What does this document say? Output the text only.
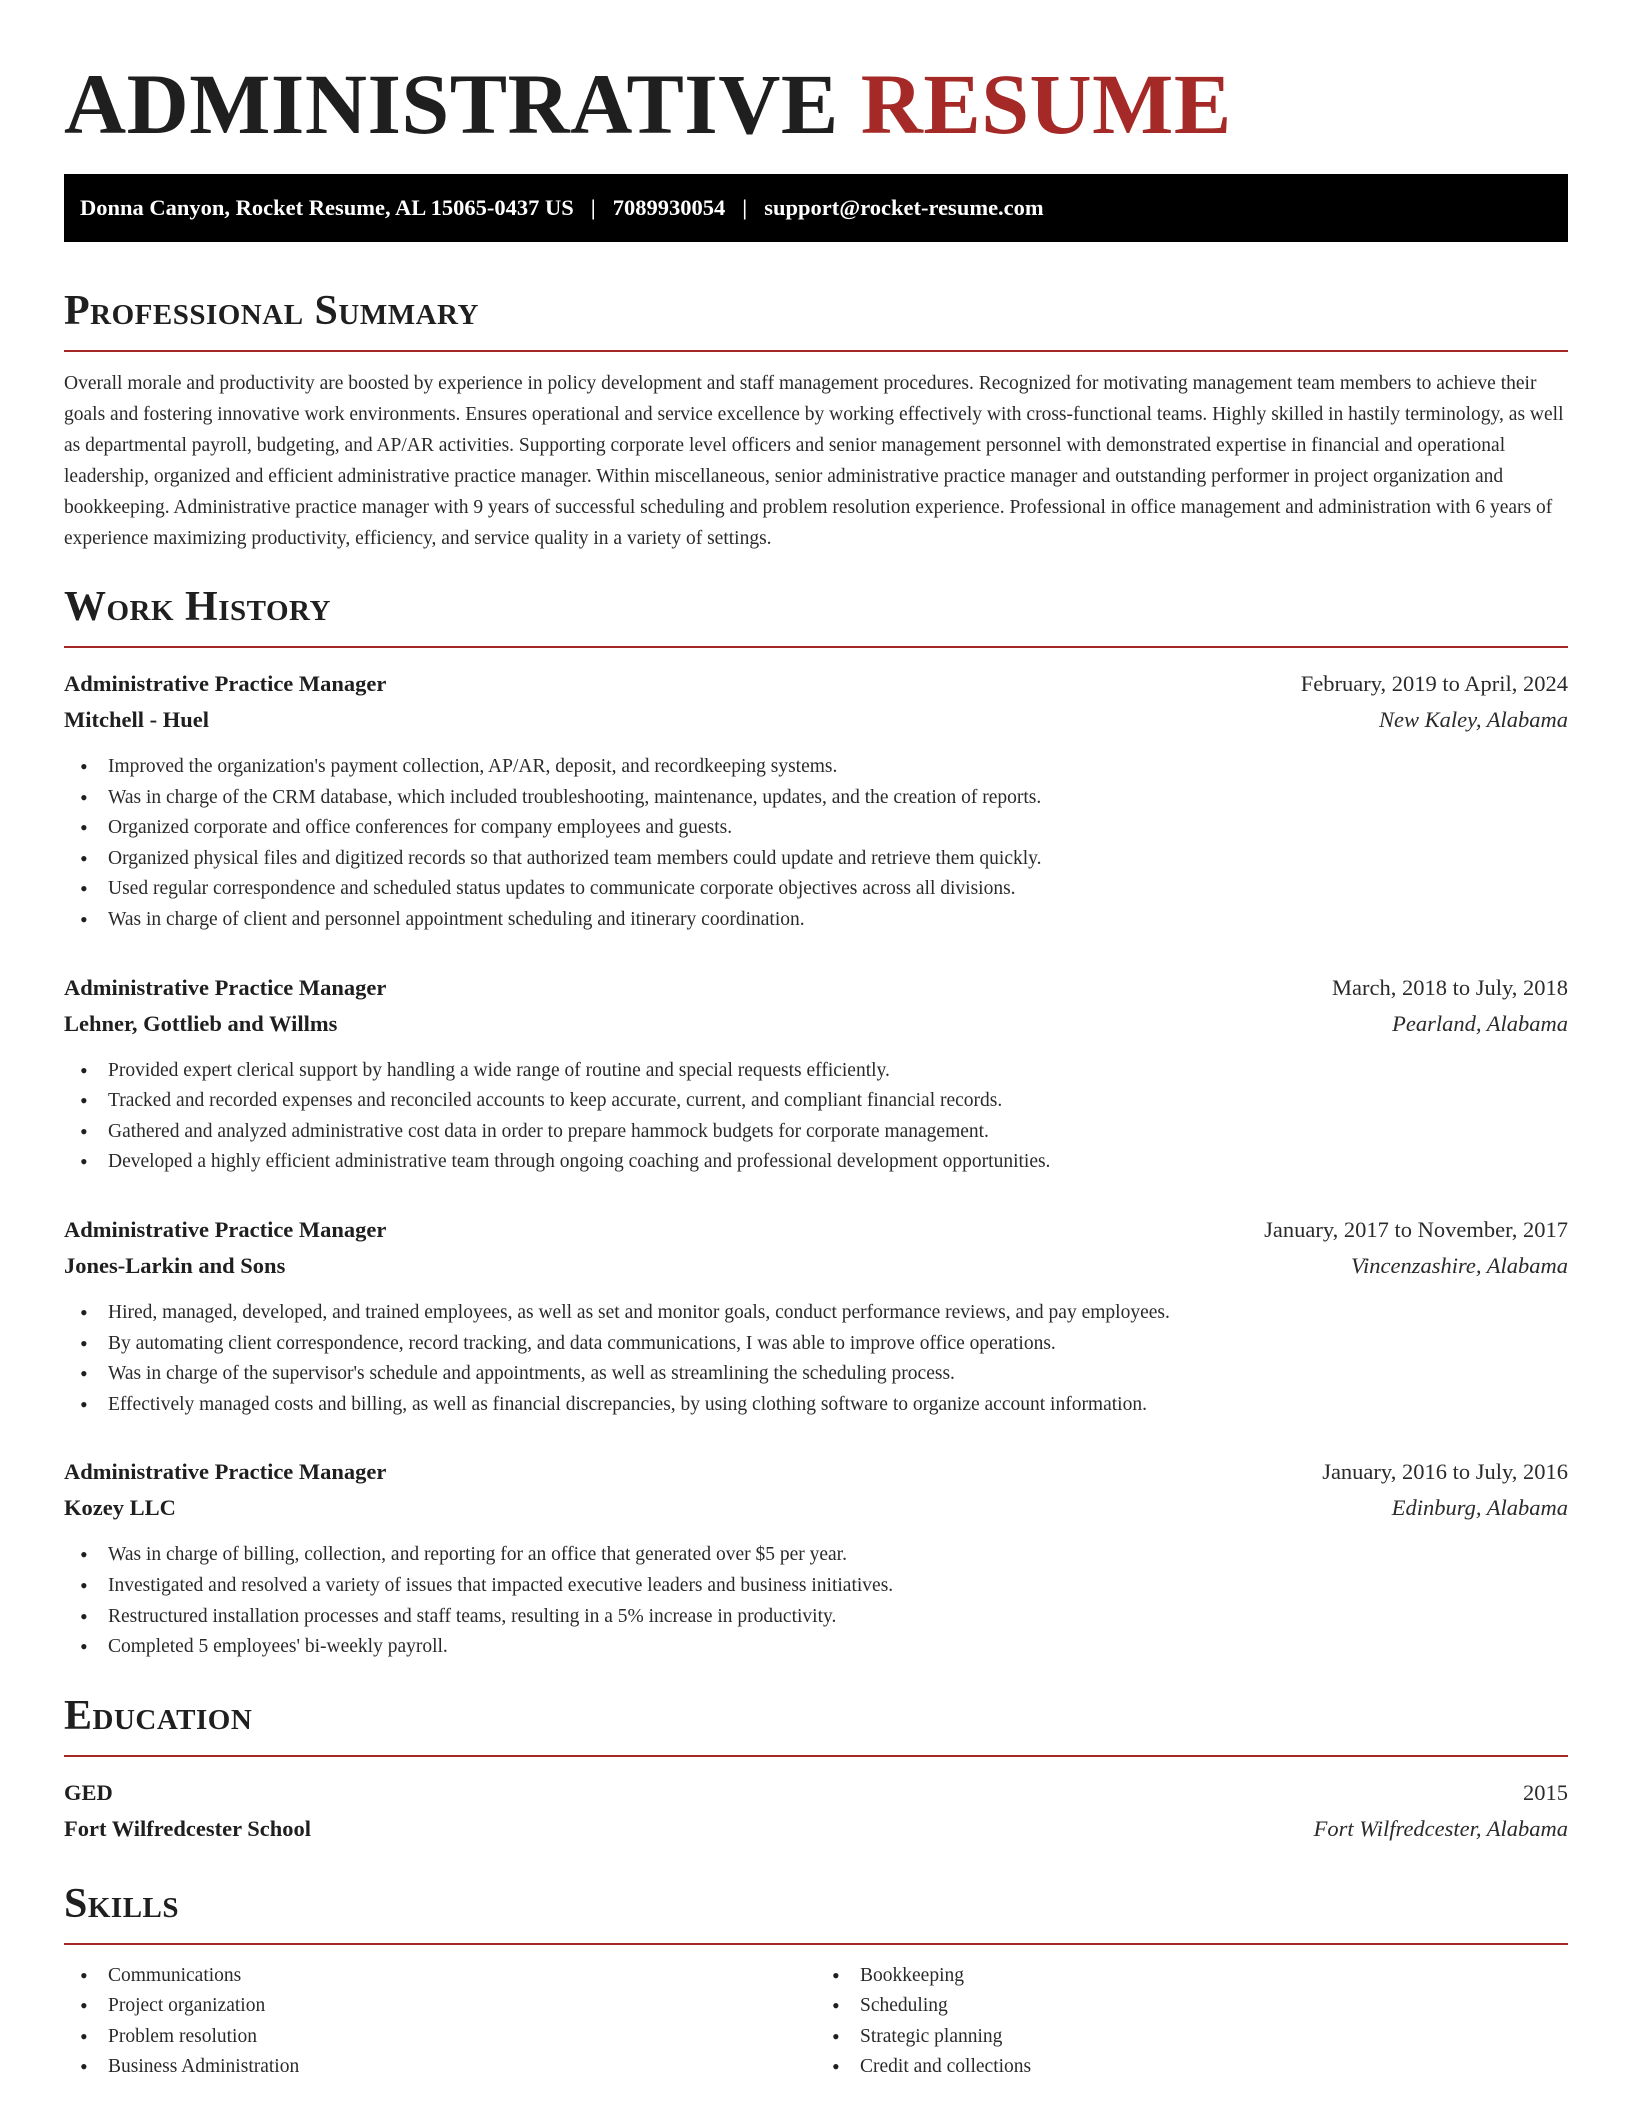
ADMINISTRATIVE RESUME
Donna Canyon, Rocket Resume, AL 15065-0437 US | 7089930054 | support@rocket-resume.com
Professional Summary

Overall morale and productivity are boosted by experience in policy development and staff management procedures. Recognized for motivating management team members to achieve their goals and fostering innovative work environments. Ensures operational and service excellence by working effectively with cross-functional teams. Highly skilled in hastily terminology, as well as departmental payroll, budgeting, and AP/AR activities. Supporting corporate level officers and senior management personnel with demonstrated expertise in financial and operational leadership, organized and efficient administrative practice manager. Within miscellaneous, senior administrative practice manager and outstanding performer in project organization and bookkeeping. Administrative practice manager with 9 years of successful scheduling and problem resolution experience. Professional in office management and administration with 6 years of experience maximizing productivity, efficiency, and service quality in a variety of settings.

Work History
Administrative Practice Manager	February, 2019 to April, 2024
Mitchell - Huel	New Kaley, Alabama
• Improved the organization's payment collection, AP/AR, deposit, and recordkeeping systems.
• Was in charge of the CRM database, which included troubleshooting, maintenance, updates, and the creation of reports.
• Organized corporate and office conferences for company employees and guests.
• Organized physical files and digitized records so that authorized team members could update and retrieve them quickly.
• Used regular correspondence and scheduled status updates to communicate corporate objectives across all divisions.
• Was in charge of client and personnel appointment scheduling and itinerary coordination.
Administrative Practice Manager	March, 2018 to July, 2018
Lehner, Gottlieb and Willms	Pearland, Alabama
• Provided expert clerical support by handling a wide range of routine and special requests efficiently.
• Tracked and recorded expenses and reconciled accounts to keep accurate, current, and compliant financial records.
• Gathered and analyzed administrative cost data in order to prepare hammock budgets for corporate management.
• Developed a highly efficient administrative team through ongoing coaching and professional development opportunities.
Administrative Practice Manager	January, 2017 to November, 2017
Jones-Larkin and Sons	Vincenzashire, Alabama
• Hired, managed, developed, and trained employees, as well as set and monitor goals, conduct performance reviews, and pay employees.
• By automating client correspondence, record tracking, and data communications, I was able to improve office operations.
• Was in charge of the supervisor's schedule and appointments, as well as streamlining the scheduling process.
• Effectively managed costs and billing, as well as financial discrepancies, by using clothing software to organize account information.
Administrative Practice Manager	January, 2016 to July, 2016
Kozey LLC	Edinburg, Alabama
• Was in charge of billing, collection, and reporting for an office that generated over $5 per year.
• Investigated and resolved a variety of issues that impacted executive leaders and business initiatives.
• Restructured installation processes and staff teams, resulting in a 5% increase in productivity.
• Completed 5 employees' bi-weekly payroll.
Education
GED	2015
Fort Wilfredcester School	Fort Wilfredcester, Alabama
Skills
• Communications
• Project organization
• Problem resolution
• Business Administration
• Bookkeeping
• Scheduling
• Strategic planning
• Credit and collections
